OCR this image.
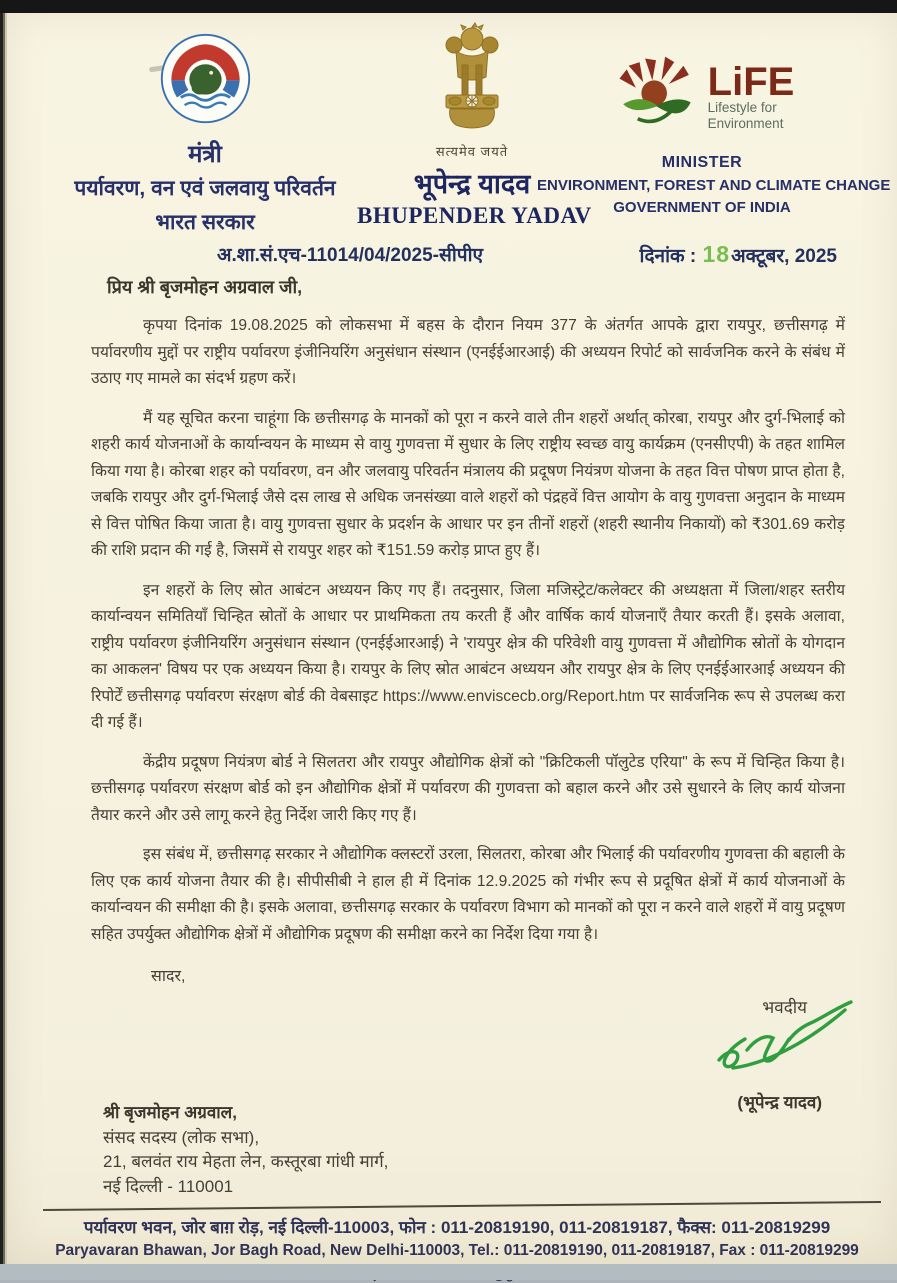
मंत्री
पर्यावरण, वन एवं जलवायु परिवर्तन
भारत सरकार
सत्यमेव जयते
भूपेन्द्र यादव
BHUPENDER YADAV
LiFE
Lifestyle for
Environment
MINISTER
ENVIRONMENT, FOREST AND CLIMATE CHANGE
GOVERNMENT OF INDIA
अ.शा.सं.एच-11014/04/2025-सीपीए	दिनांक : 18अक्टूबर, 2025
प्रिय श्री बृजमोहन अग्रवाल जी,

कृपया दिनांक 19.08.2025 को लोकसभा में बहस के दौरान नियम 377 के अंतर्गत आपके द्वारा रायपुर, छत्तीसगढ़ में पर्यावरणीय मुद्दों पर राष्ट्रीय पर्यावरण इंजीनियरिंग अनुसंधान संस्थान (एनईईआरआई) की अध्ययन रिपोर्ट को सार्वजनिक करने के संबंध में उठाए गए मामले का संदर्भ ग्रहण करें।

मैं यह सूचित करना चाहूंगा कि छत्तीसगढ़ के मानकों को पूरा न करने वाले तीन शहरों अर्थात् कोरबा, रायपुर और दुर्ग-भिलाई को शहरी कार्य योजनाओं के कार्यान्वयन के माध्यम से वायु गुणवत्ता में सुधार के लिए राष्ट्रीय स्वच्छ वायु कार्यक्रम (एनसीएपी) के तहत शामिल किया गया है। कोरबा शहर को पर्यावरण, वन और जलवायु परिवर्तन मंत्रालय की प्रदूषण नियंत्रण योजना के तहत वित्त पोषण प्राप्त होता है, जबकि रायपुर और दुर्ग-भिलाई जैसे दस लाख से अधिक जनसंख्या वाले शहरों को पंद्रहवें वित्त आयोग के वायु गुणवत्ता अनुदान के माध्यम से वित्त पोषित किया जाता है। वायु गुणवत्ता सुधार के प्रदर्शन के आधार पर इन तीनों शहरों (शहरी स्थानीय निकायों) को ₹301.69 करोड़ की राशि प्रदान की गई है, जिसमें से रायपुर शहर को ₹151.59 करोड़ प्राप्त हुए हैं।

इन शहरों के लिए स्रोत आबंटन अध्ययन किए गए हैं। तदनुसार, जिला मजिस्ट्रेट/कलेक्टर की अध्यक्षता में जिला/शहर स्तरीय कार्यान्वयन समितियाँ चिन्हित स्रोतों के आधार पर प्राथमिकता तय करती हैं और वार्षिक कार्य योजनाएँ तैयार करती हैं। इसके अलावा, राष्ट्रीय पर्यावरण इंजीनियरिंग अनुसंधान संस्थान (एनईईआरआई) ने 'रायपुर क्षेत्र की परिवेशी वायु गुणवत्ता में औद्योगिक स्रोतों के योगदान का आकलन' विषय पर एक अध्ययन किया है। रायपुर के लिए स्रोत आबंटन अध्ययन और रायपुर क्षेत्र के लिए एनईईआरआई अध्ययन की रिपोर्टें छत्तीसगढ़ पर्यावरण संरक्षण बोर्ड की वेबसाइट https://www.enviscecb.org/Report.htm पर सार्वजनिक रूप से उपलब्ध करा दी गई हैं।

केंद्रीय प्रदूषण नियंत्रण बोर्ड ने सिलतरा और रायपुर औद्योगिक क्षेत्रों को "क्रिटिकली पॉलुटेड एरिया" के रूप में चिन्हित किया है। छत्तीसगढ़ पर्यावरण संरक्षण बोर्ड को इन औद्योगिक क्षेत्रों में पर्यावरण की गुणवत्ता को बहाल करने और उसे सुधारने के लिए कार्य योजना तैयार करने और उसे लागू करने हेतु निर्देश जारी किए गए हैं।

इस संबंध में, छत्तीसगढ़ सरकार ने औद्योगिक क्लस्टरों उरला, सिलतरा, कोरबा और भिलाई की पर्यावरणीय गुणवत्ता की बहाली के लिए एक कार्य योजना तैयार की है। सीपीसीबी ने हाल ही में दिनांक 12.9.2025 को गंभीर रूप से प्रदूषित क्षेत्रों में कार्य योजनाओं के कार्यान्वयन की समीक्षा की है। इसके अलावा, छत्तीसगढ़ सरकार के पर्यावरण विभाग को मानकों को पूरा न करने वाले शहरों में वायु प्रदूषण सहित उपर्युक्त औद्योगिक क्षेत्रों में औद्योगिक प्रदूषण की समीक्षा करने का निर्देश दिया गया है।

सादर,
भवदीय
(भूपेन्द्र यादव)
श्री बृजमोहन अग्रवाल,
संसद सदस्य (लोक सभा),
21, बलवंत राय मेहता लेन, कस्तूरबा गांधी मार्ग,
नई दिल्ली - 110001
पर्यावरण भवन, जोर बाग़ रोड़, नई दिल्ली-110003, फोन : 011-20819190, 011-20819187, फैक्स: 011-20819299
Paryavaran Bhawan, Jor Bagh Road, New Delhi-110003, Tel.: 011-20819190, 011-20819187, Fax : 011-20819299
